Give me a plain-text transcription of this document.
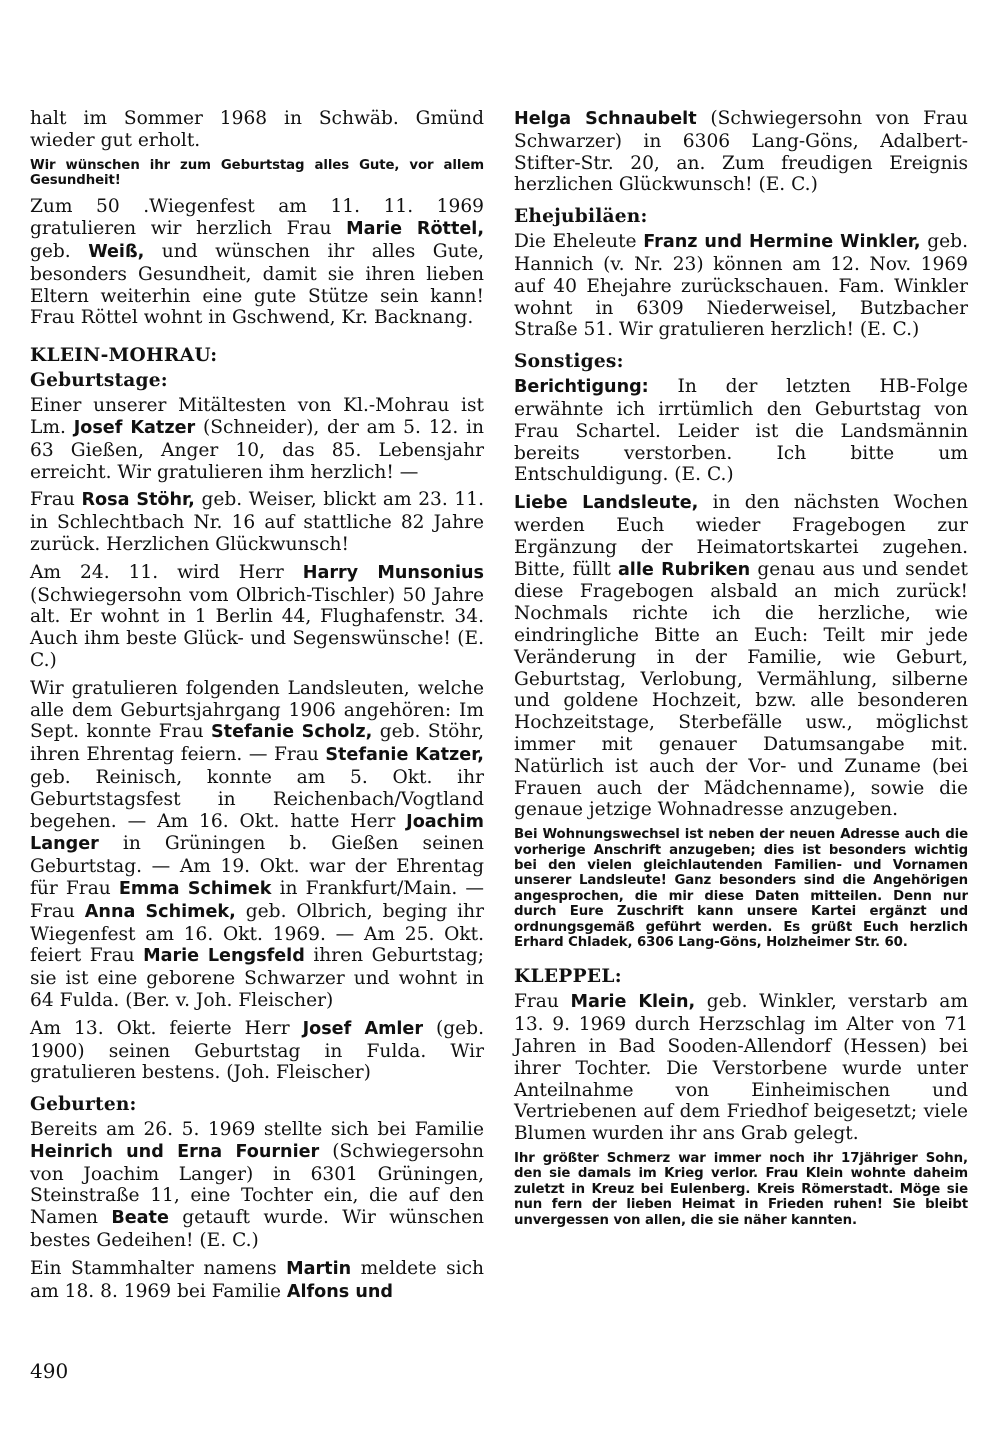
halt im Sommer 1968 in Schwäb. Gmünd wieder gut erholt.

Wir wünschen ihr zum Geburtstag alles Gute, vor allem Gesundheit!

Zum 50 .Wiegenfest am 11. 11. 1969 gratulieren wir herzlich Frau Marie Röttel, geb. Weiß, und wünschen ihr alles Gute, besonders Gesundheit, damit sie ihren lieben Eltern weiterhin eine gute Stütze sein kann! Frau Röttel wohnt in Gschwend, Kr. Backnang.

KLEIN-MOHRAU:
Geburtstage:

Einer unserer Mitältesten von Kl.-Mohrau ist Lm. Josef Katzer (Schneider), der am 5. 12. in 63 Gießen, Anger 10, das 85. Lebensjahr erreicht. Wir gratulieren ihm herzlich! —

Frau Rosa Stöhr, geb. Weiser, blickt am 23. 11. in Schlechtbach Nr. 16 auf stattliche 82 Jahre zurück. Herzlichen Glückwunsch!

Am 24. 11. wird Herr Harry Munsonius (Schwiegersohn vom Olbrich-Tischler) 50 Jahre alt. Er wohnt in 1 Berlin 44, Flughafenstr. 34. Auch ihm beste Glück- und Segenswünsche! (E. C.)

Wir gratulieren folgenden Landsleuten, welche alle dem Geburtsjahrgang 1906 angehören: Im Sept. konnte Frau Stefanie Scholz, geb. Stöhr, ihren Ehrentag feiern. — Frau Stefanie Katzer, geb. Reinisch, konnte am 5. Okt. ihr Geburtstagsfest in Reichenbach/Vogtland begehen. — Am 16. Okt. hatte Herr Joachim Langer in Grüningen b. Gießen seinen Geburtstag. — Am 19. Okt. war der Ehrentag für Frau Emma Schimek in Frankfurt/Main. — Frau Anna Schimek, geb. Olbrich, beging ihr Wiegenfest am 16. Okt. 1969. — Am 25. Okt. feiert Frau Marie Lengsfeld ihren Geburtstag; sie ist eine geborene Schwarzer und wohnt in 64 Fulda. (Ber. v. Joh. Fleischer)

Am 13. Okt. feierte Herr Josef Amler (geb. 1900) seinen Geburtstag in Fulda. Wir gratulieren bestens. (Joh. Fleischer)

Geburten:

Bereits am 26. 5. 1969 stellte sich bei Familie Heinrich und Erna Fournier (Schwiegersohn von Joachim Langer) in 6301 Grüningen, Steinstraße 11, eine Tochter ein, die auf den Namen Beate getauft wurde. Wir wünschen bestes Gedeihen! (E. C.)

Ein Stammhalter namens Martin meldete sich am 18. 8. 1969 bei Familie Alfons und

Helga Schnaubelt (Schwiegersohn von Frau Schwarzer) in 6306 Lang-Göns, Adalbert-Stifter-Str. 20, an. Zum freudigen Ereignis herzlichen Glückwunsch! (E. C.)

Ehejubiläen:

Die Eheleute Franz und Hermine Winkler, geb. Hannich (v. Nr. 23) können am 12. Nov. 1969 auf 40 Ehejahre zurückschauen. Fam. Winkler wohnt in 6309 Niederweisel, Butzbacher Straße 51. Wir gratulieren herzlich! (E. C.)

Sonstiges:

Berichtigung: In der letzten HB-Folge erwähnte ich irrtümlich den Geburtstag von Frau Schartel. Leider ist die Landsmännin bereits verstorben. Ich bitte um Entschuldigung. (E. C.)

Liebe Landsleute, in den nächsten Wochen werden Euch wieder Fragebogen zur Ergänzung der Heimatortskartei zugehen. Bitte, füllt alle Rubriken genau aus und sendet diese Fragebogen alsbald an mich zurück! Nochmals richte ich die herzliche, wie eindringliche Bitte an Euch: Teilt mir jede Veränderung in der Familie, wie Geburt, Geburtstag, Verlobung, Vermählung, silberne und goldene Hochzeit, bzw. alle besonderen Hochzeitstage, Sterbefälle usw., möglichst immer mit genauer Datumsangabe mit. Natürlich ist auch der Vor- und Zuname (bei Frauen auch der Mädchenname), sowie die genaue jetzige Wohnadresse anzugeben.

Bei Wohnungswechsel ist neben der neuen Adresse auch die vorherige Anschrift anzugeben; dies ist besonders wichtig bei den vielen gleichlautenden Familien- und Vornamen unserer Landsleute! Ganz besonders sind die Angehörigen angesprochen, die mir diese Daten mitteilen. Denn nur durch Eure Zuschrift kann unsere Kartei ergänzt und ordnungsgemäß geführt werden. Es grüßt Euch herzlich Erhard Chladek, 6306 Lang-Göns, Holzheimer Str. 60.

KLEPPEL:

Frau Marie Klein, geb. Winkler, verstarb am 13. 9. 1969 durch Herzschlag im Alter von 71 Jahren in Bad Sooden-Allendorf (Hessen) bei ihrer Tochter. Die Verstorbene wurde unter Anteilnahme von Einheimischen und Vertriebenen auf dem Friedhof beigesetzt; viele Blumen wurden ihr ans Grab gelegt.

Ihr größter Schmerz war immer noch ihr 17jähriger Sohn, den sie damals im Krieg verlor. Frau Klein wohnte daheim zuletzt in Kreuz bei Eulenberg. Kreis Römerstadt. Möge sie nun fern der lieben Heimat in Frieden ruhen! Sie bleibt unvergessen von allen, die sie näher kannten.

490
